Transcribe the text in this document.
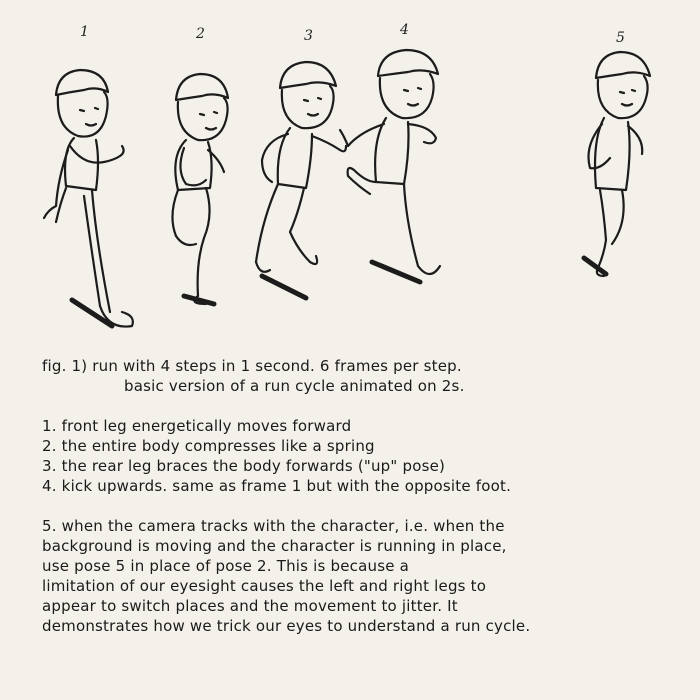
1	2	3	4	5
fig. 1) run with 4 steps in 1 second. 6 frames per step.
basic version of a run cycle animated on 2s.
1. front leg energetically moves forward
2. the entire body compresses like a spring
3. the rear leg braces the body forwards ("up" pose)
4. kick upwards. same as frame 1 but with the opposite foot.
5. when the camera tracks with the character, i.e. when the
background is moving and the character is running in place,
use pose 5 in place of pose 2. This is because a
limitation of our eyesight causes the left and right legs to
appear to switch places and the movement to jitter. It
demonstrates how we trick our eyes to understand a run cycle.
